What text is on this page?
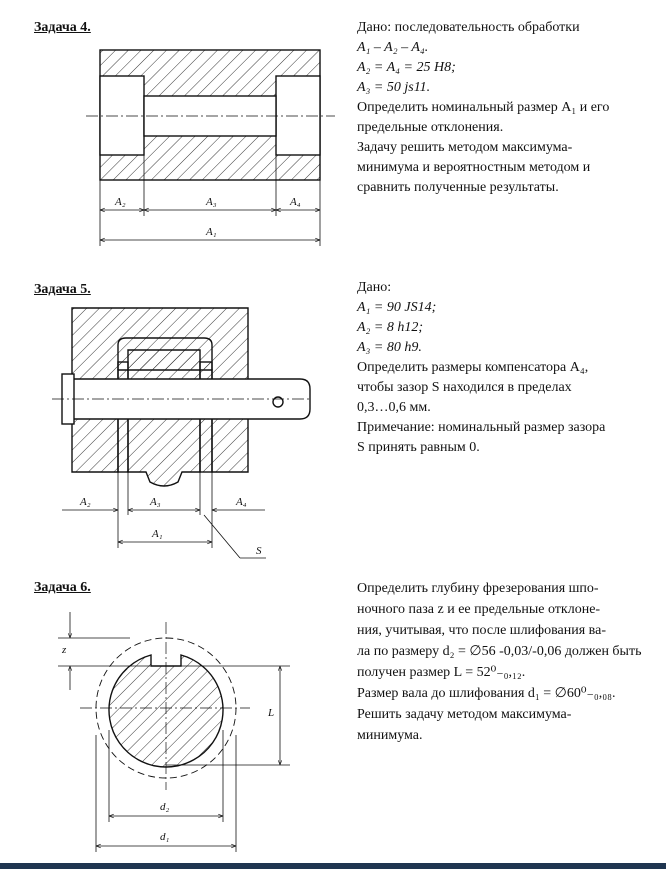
A₂	A₃	A₄
A₁
A₂	A₃	A₄
A₁
S
z
L
d₂
d₁
Задача 4.
Задача 5.
Задача 6.
Дано: последовательность обработки
A₁ – A₂ – A₄.
A₂ = A₄ = 25 H8;
A₃ = 50 js11.
Определить номинальный размер A₁ и его
предельные отклонения.
Задачу решить методом максимума-
минимума и вероятностным методом и
сравнить полученные результаты.
Дано:
A₁ = 90 JS14;
A₂ = 8 h12;
A₃ = 80 h9.
Определить размеры компенсатора A₄,
чтобы зазор S находился в пределах
0,3…0,6 мм.
Примечание: номинальный размер зазора
S принять равным 0.
Определить глубину фрезерования шпо-
ночного паза z и ее предельные отклоне-
ния, учитывая, что после шлифования ва-
ла по размеру d₂ = ∅56 -0,03/-0,06 должен быть
получен размер L = 52⁰₋₀,₁₂.
Размер вала до шлифования d₁ = ∅60⁰₋₀,₀₈.
Решить задачу методом максимума-
минимума.
